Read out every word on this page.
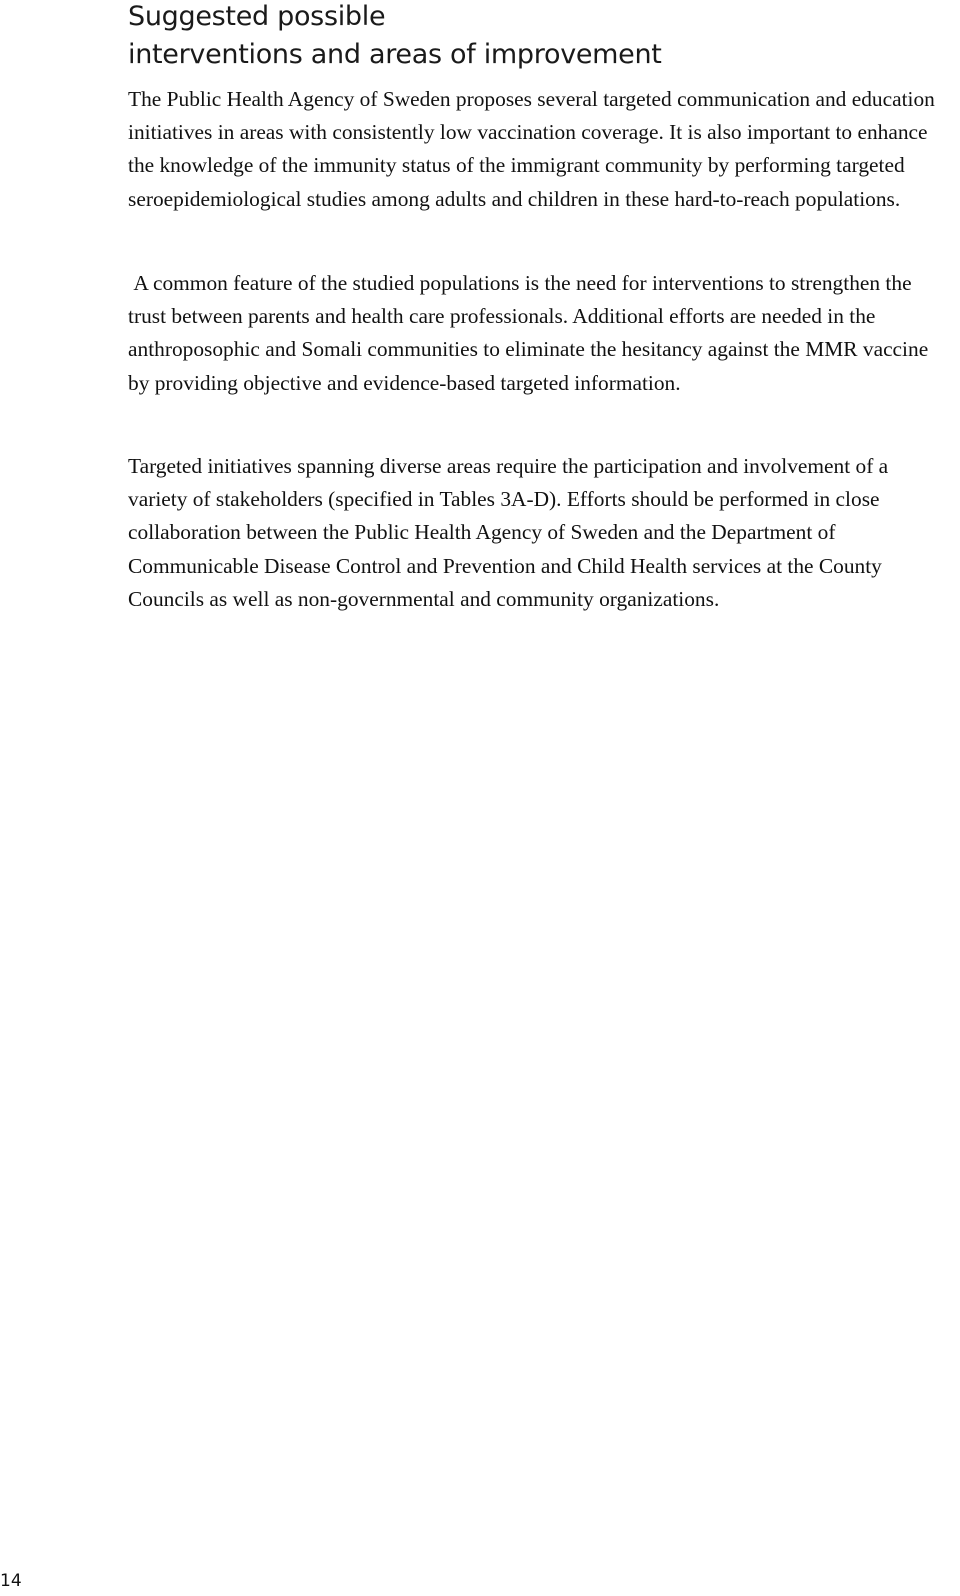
Suggested possible
interventions and areas of improvement

The Public Health Agency of Sweden proposes several targeted communication and education initiatives in areas with consistently low vaccination coverage. It is also important to enhance the knowledge of the immunity status of the immigrant community by performing targeted seroepidemiological studies among adults and children in these hard-to-reach populations.

A common feature of the studied populations is the need for interventions to strengthen the trust between parents and health care professionals. Additional efforts are needed in the anthroposophic and Somali communities to eliminate the hesitancy against the MMR vaccine by providing objective and evidence-based targeted information.

Targeted initiatives spanning diverse areas require the participation and involvement of a variety of stakeholders (specified in Tables 3A-D). Efforts should be performed in close collaboration between the Public Health Agency of Sweden and the Department of Communicable Disease Control and Prevention and Child Health services at the County Councils as well as non-governmental and community organizations.

14
